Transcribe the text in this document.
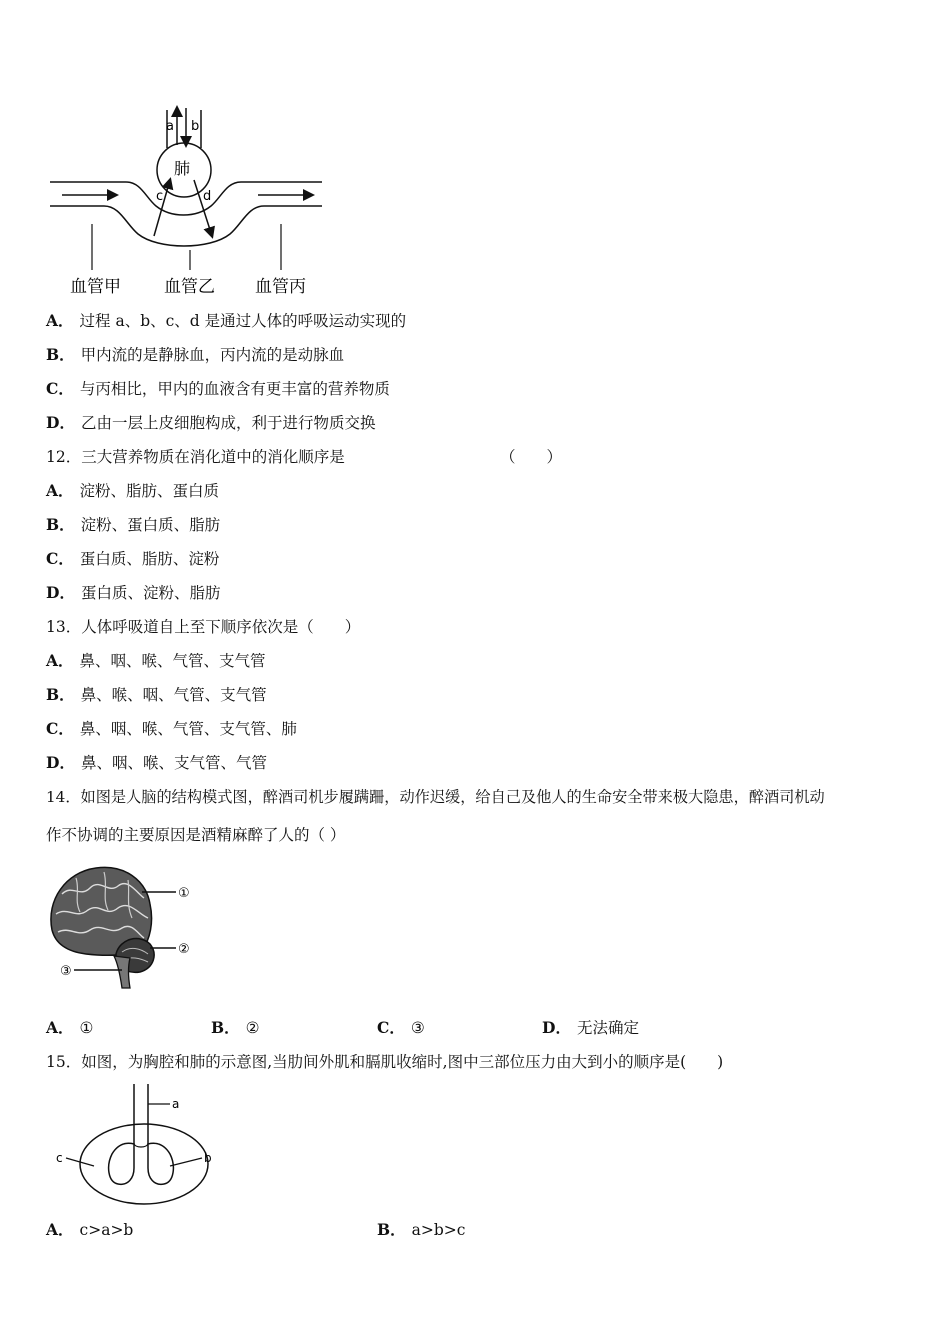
肺
a b
c	d
血管甲	血管乙 血管丙
A． 过程 a、b、c、d 是通过人体的呼吸运动实现的
B． 甲内流的是静脉血，丙内流的是动脉血
C． 与丙相比，甲内的血液含有更丰富的营养物质
D． 乙由一层上皮细胞构成，利于进行物质交换
12．三大营养物质在消化道中的消化顺序是	（　　）
A． 淀粉、脂肪、蛋白质
B． 淀粉、蛋白质、脂肪
C． 蛋白质、脂肪、淀粉
D． 蛋白质、淀粉、脂肪
13．人体呼吸道自上至下顺序依次是（　　）
A． 鼻、咽、喉、气管、支气管
B． 鼻、喉、咽、气管、支气管
C． 鼻、咽、喉、气管、支气管、肺
D． 鼻、咽、喉、支气管、气管
14．如图是人脑的结构模式图，醉酒司机步履蹒跚，动作迟缓，给自己及他人的生命安全带来极大隐患，醉酒司机动
作不协调的主要原因是酒精麻醉了人的（ ）
①
②
③
A． ①	B． ②	C． ③	D． 无法确定
15．如图，为胸腔和肺的示意图,当肋间外肌和膈肌收缩时,图中三部位压力由大到小的顺序是(　　)
a
b
c
A． c>a>b	B． a>b>c
